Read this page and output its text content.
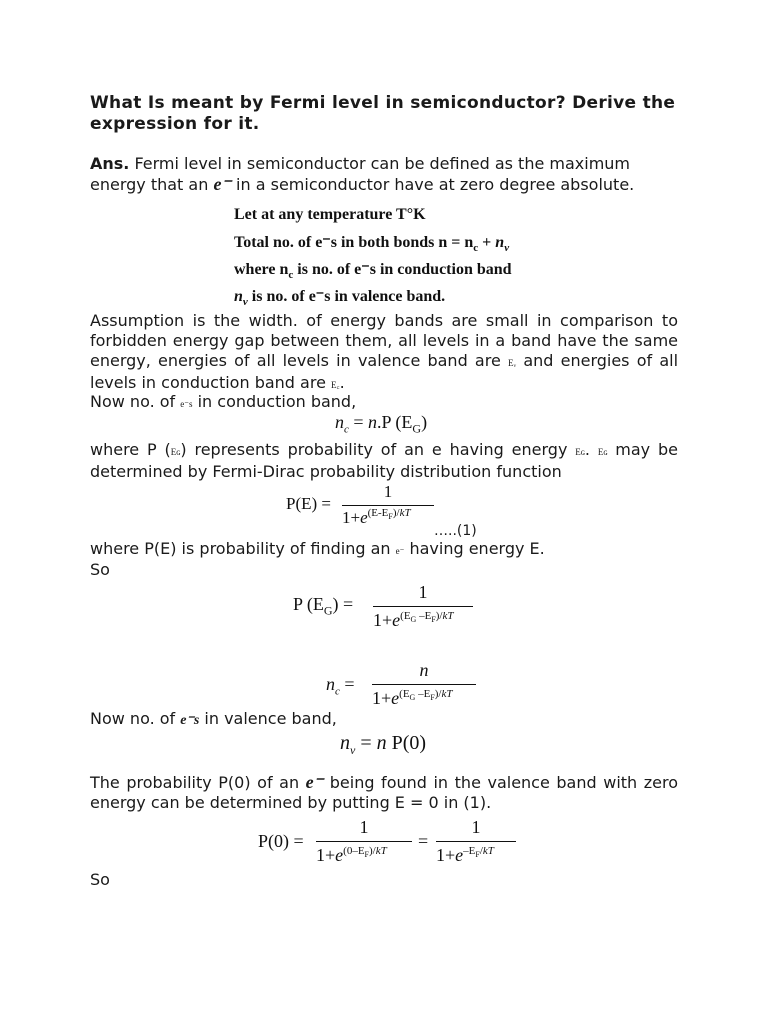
What Is meant by Fermi level in semiconductor? Derive the expression for it.

Ans. Fermi level in semiconductor can be defined as the maximum
energy that an e⁻ in a semiconductor have at zero degree absolute.

Let at any temperature T°K
Total no. of e⁻s in both bonds $n = n_c + n_v$
where $n_c$ is no. of e⁻s in conduction band
$n_v$ is no. of e⁻s in valence band.

Assumption is the width. of energy bands are small in comparison to forbidden energy gap between them, all levels in a band have the same energy, energies of all levels in valence band are Eᵥ and energies of all levels in conduction band are E꜀.

Now no. of e⁻s in conduction band,

$n_c = n.P$ $(E_G)$

where P (Eɢ) represents probability of an e having energy Eɢ. Eɢ may be determined by Fermi-Dirac probability distribution function

P(E) =
1
$1+e^{(E-E_F)/kT}$
…..(1)

where P(E) is probability of finding an e⁻ having energy E.

So

P $(E_G)$ =
1
$1+e^{(E_G -E_F)/kT}$
$n_c$ =
n
$1+e^{(E_G -E_F)/kT}$

Now no. of e⁻s in valence band,

$n_v = n$ P(0)

The probability P(0) of an e⁻ being found in the valence band with zero energy can be determined by putting E = 0 in (1).

P(0) =
1
$1+e^{(0-E_F)/kT}$ =
1
$1+e^{-E_F/kT}$

So
